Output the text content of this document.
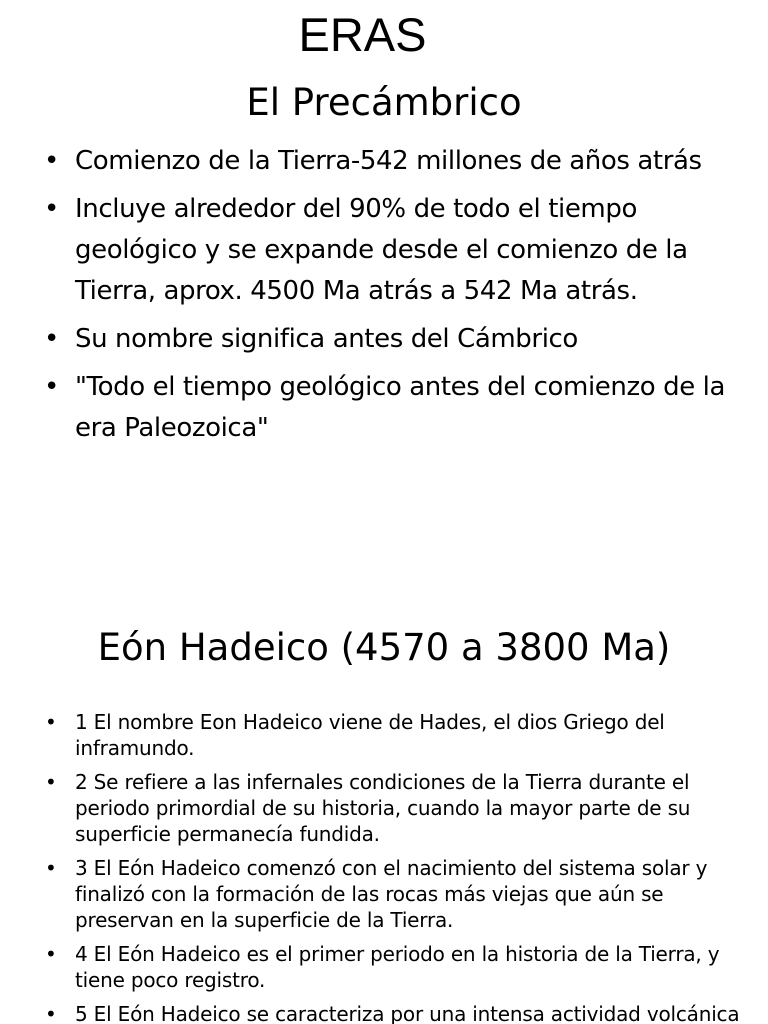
ERAS
El Precámbrico
• Comienzo de la Tierra-542 millones de años atrás
• Incluye alrededor del 90% de todo el tiempo geológico y se expande desde el comienzo de la Tierra, aprox. 4500 Ma atrás a 542 Ma atrás.
• Su nombre significa antes del Cámbrico
• "Todo el tiempo geológico antes del comienzo de la era Paleozoica"
Eón Hadeico (4570 a 3800 Ma)
• 1 El nombre Eon Hadeico viene de Hades, el dios Griego del inframundo.
• 2 Se refiere a las infernales condiciones de la Tierra durante el periodo primordial de su historia, cuando la mayor parte de su superficie permanecía fundida.
• 3 El Eón Hadeico comenzó con el nacimiento del sistema solar y finalizó con la formación de las rocas más viejas que aún se preservan en la superficie de la Tierra.
• 4 El Eón Hadeico es el primer periodo en la historia de la Tierra, y tiene poco registro.
• 5 El Eón Hadeico se caracteriza por una intensa actividad volcánica
